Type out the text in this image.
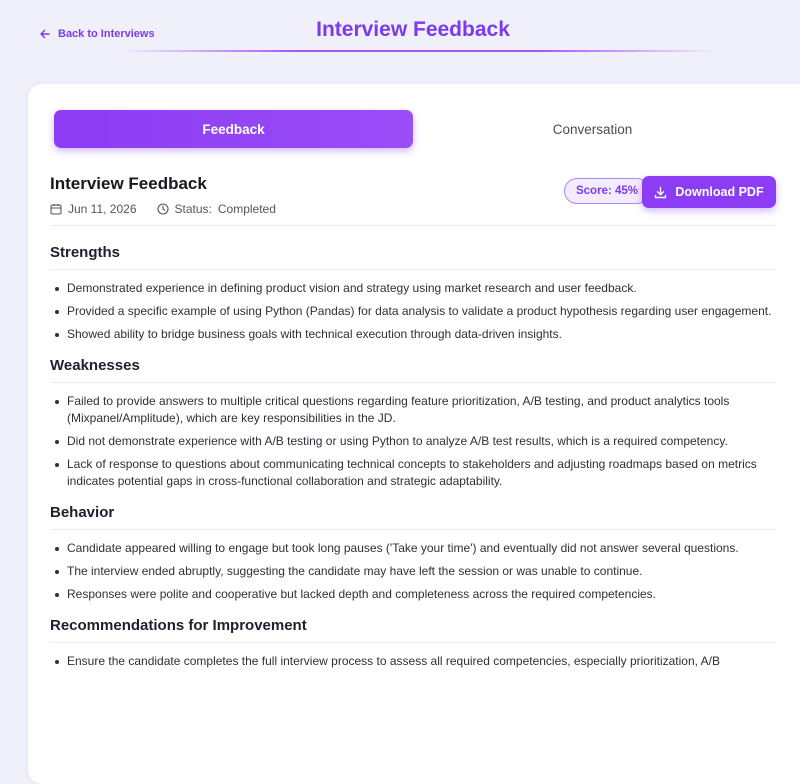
Back to Interviews	Interview Feedback
Feedback	Conversation
Interview Feedback
Jun 11, 2026	Status: Completed
Score: 45%	Download PDF
Strengths
Demonstrated experience in defining product vision and strategy using market research and user feedback.
Provided a specific example of using Python (Pandas) for data analysis to validate a product hypothesis regarding user engagement.
Showed ability to bridge business goals with technical execution through data-driven insights.
Weaknesses
Failed to provide answers to multiple critical questions regarding feature prioritization, A/B testing, and product analytics tools (Mixpanel/Amplitude), which are key responsibilities in the JD.
Did not demonstrate experience with A/B testing or using Python to analyze A/B test results, which is a required competency.
Lack of response to questions about communicating technical concepts to stakeholders and adjusting roadmaps based on metrics indicates potential gaps in cross-functional collaboration and strategic adaptability.
Behavior
Candidate appeared willing to engage but took long pauses ('Take your time') and eventually did not answer several questions.
The interview ended abruptly, suggesting the candidate may have left the session or was unable to continue.
Responses were polite and cooperative but lacked depth and completeness across the required competencies.
Recommendations for Improvement
Ensure the candidate completes the full interview process to assess all required competencies, especially prioritization, A/B
